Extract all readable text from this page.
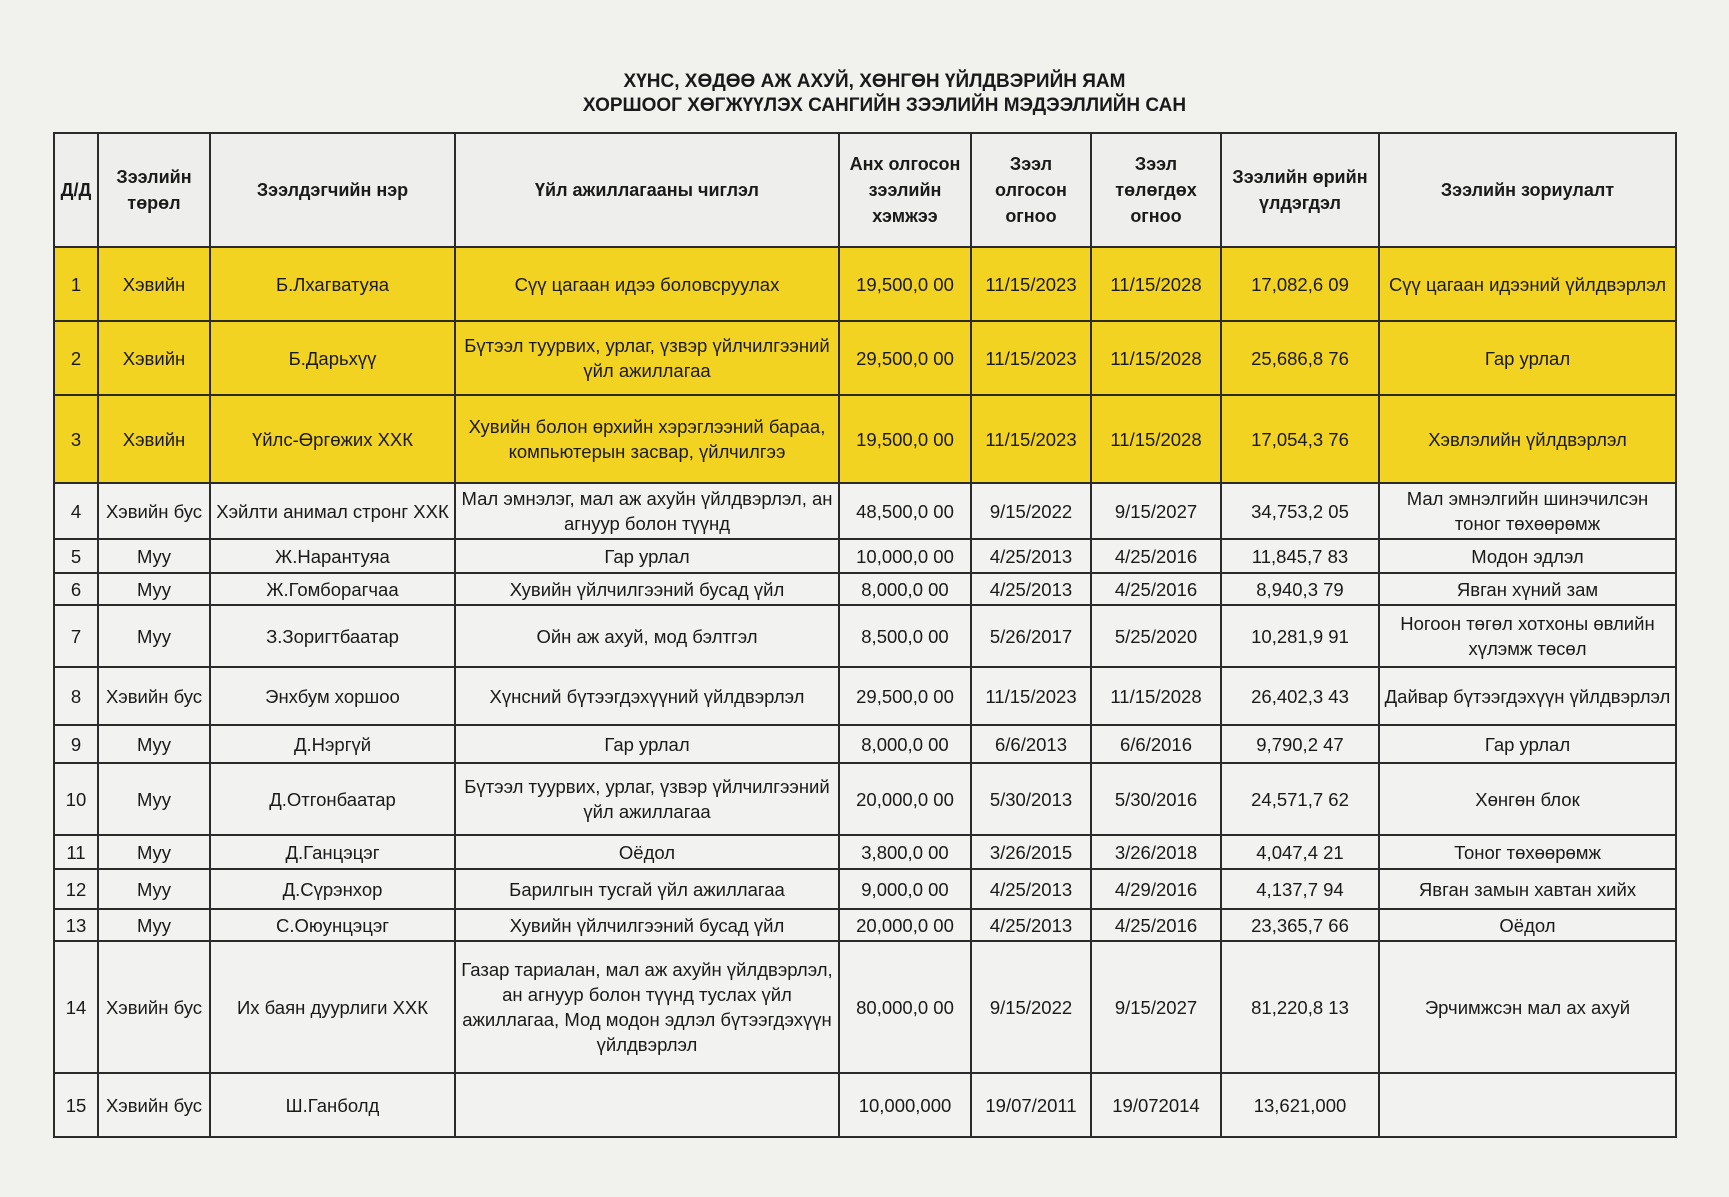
ХҮНС, ХӨДӨӨ АЖ АХУЙ, ХӨНГӨН ҮЙЛДВЭРИЙН ЯАМ
ХОРШООГ ХӨГЖҮҮЛЭХ САНГИЙН ЗЭЭЛИЙН МЭДЭЭЛЛИЙН САН
Д/Д	Зээлийн төрөл	Зээлдэгчийн нэр	Үйл ажиллагааны чиглэл	Анх олгосон зээлийн хэмжээ	Зээл олгосон огноо	Зээл төлөгдөх огноо	Зээлийн өрийн үлдэгдэл	Зээлийн зориулалт
1	Хэвийн	Б.Лхагватуяа	Сүү цагаан идээ боловсруулах	19,500,0 00	11/15/2023	11/15/2028	17,082,6 09	Сүү цагаан идээний үйлдвэрлэл
2	Хэвийн	Б.Дарьхүү	Бүтээл туурвих, урлаг, үзвэр үйлчилгээний үйл ажиллагаа	29,500,0 00	11/15/2023	11/15/2028	25,686,8 76	Гар урлал
3	Хэвийн	Үйлс-Өргөжих ХХК	Хувийн болон өрхийн хэрэглээний бараа, компьютерын засвар, үйлчилгээ	19,500,0 00	11/15/2023	11/15/2028	17,054,3 76	Хэвлэлийн үйлдвэрлэл
4	Хэвийн бус	Хэйлти анимал стронг ХХК	Мал эмнэлэг, мал аж ахуйн үйлдвэрлэл, ан агнуур болон түүнд	48,500,0 00	9/15/2022	9/15/2027	34,753,2 05	Мал эмнэлгийн шинэчилсэн тоног төхөөрөмж
5	Муу	Ж.Нарантуяа	Гар урлал	10,000,0 00	4/25/2013	4/25/2016	11,845,7 83	Модон эдлэл
6	Муу	Ж.Гомборагчаа	Хувийн үйлчилгээний бусад үйл	8,000,0 00	4/25/2013	4/25/2016	8,940,3 79	Явган хүний зам
7	Муу	З.Зоригтбаатар	Ойн аж ахуй, мод бэлтгэл	8,500,0 00	5/26/2017	5/25/2020	10,281,9 91	Ногоон төгөл хотхоны өвлийн хүлэмж төсөл
8	Хэвийн бус	Энхбум хоршоо	Хүнсний бүтээгдэхүүний үйлдвэрлэл	29,500,0 00	11/15/2023	11/15/2028	26,402,3 43	Дайвар бүтээгдэхүүн үйлдвэрлэл
9	Муу	Д.Нэргүй	Гар урлал	8,000,0 00	6/6/2013	6/6/2016	9,790,2 47	Гар урлал
10	Муу	Д.Отгонбаатар	Бүтээл туурвих, урлаг, үзвэр үйлчилгээний үйл ажиллагаа	20,000,0 00	5/30/2013	5/30/2016	24,571,7 62	Хөнгөн блок
11	Муу	Д.Ганцэцэг	Оёдол	3,800,0 00	3/26/2015	3/26/2018	4,047,4 21	Тоног төхөөрөмж
12	Муу	Д.Сүрэнхор	Барилгын тусгай үйл ажиллагаа	9,000,0 00	4/25/2013	4/29/2016	4,137,7 94	Явган замын хавтан хийх
13	Муу	С.Оюунцэцэг	Хувийн үйлчилгээний бусад үйл	20,000,0 00	4/25/2013	4/25/2016	23,365,7 66	Оёдол
14	Хэвийн бус	Их баян дуурлиги ХХК	Газар тариалан, мал аж ахуйн үйлдвэрлэл, ан агнуур болон түүнд туслах үйл ажиллагаа, Мод модон эдлэл бүтээгдэхүүн үйлдвэрлэл	80,000,0 00	9/15/2022	9/15/2027	81,220,8 13	Эрчимжсэн мал ах ахуй
15	Хэвийн бус	Ш.Ганболд		10,000,000	19/07/2011	19/072014	13,621,000	
